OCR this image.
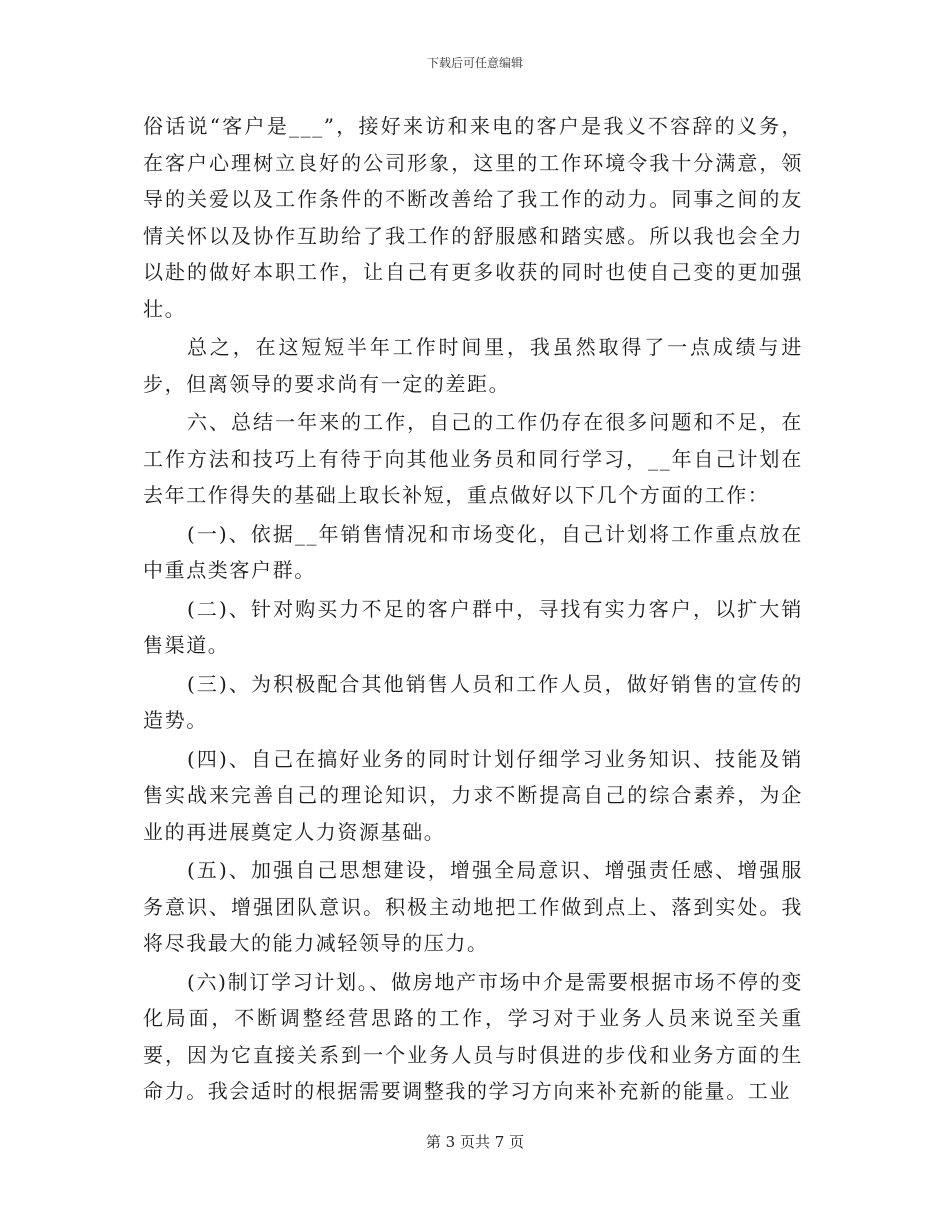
下载后可任意编辑

俗话说“客户是___”，接好来访和来电的客户是我义不容辞的义务，在客户心理树立良好的公司形象，这里的工作环境令我十分满意，领导的关爱以及工作条件的不断改善给了我工作的动力。同事之间的友情关怀以及协作互助给了我工作的舒服感和踏实感。所以我也会全力以赴的做好本职工作，让自己有更多收获的同时也使自己变的更加强壮。

总之，在这短短半年工作时间里，我虽然取得了一点成绩与进步，但离领导的要求尚有一定的差距。

六、总结一年来的工作，自己的工作仍存在很多问题和不足，在工作方法和技巧上有待于向其他业务员和同行学习，__年自己计划在去年工作得失的基础上取长补短，重点做好以下几个方面的工作：

(一)、依据__年销售情况和市场变化，自己计划将工作重点放在中重点类客户群。

(二)、针对购买力不足的客户群中，寻找有实力客户，以扩大销售渠道。

(三)、为积极配合其他销售人员和工作人员，做好销售的宣传的造势。

(四)、自己在搞好业务的同时计划仔细学习业务知识、技能及销售实战来完善自己的理论知识，力求不断提高自己的综合素养，为企业的再进展奠定人力资源基础。

(五)、加强自己思想建设，增强全局意识、增强责任感、增强服务意识、增强团队意识。积极主动地把工作做到点上、落到实处。我将尽我最大的能力减轻领导的压力。

(六)制订学习计划。、做房地产市场中介是需要根据市场不停的变化局面，不断调整经营思路的工作，学习对于业务人员来说至关重要，因为它直接关系到一个业务人员与时俱进的步伐和业务方面的生命力。我会适时的根据需要调整我的学习方向来补充新的能量。工业

第 3 页共 7 页
